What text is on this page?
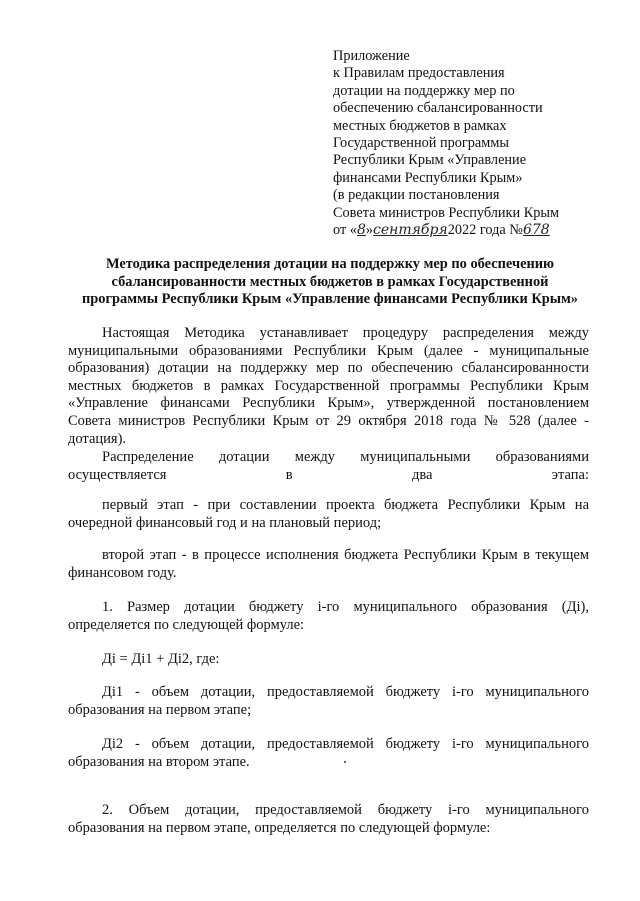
Приложение
к Правилам предоставления
дотации на поддержку мер по
обеспечению сбалансированности
местных бюджетов в рамках
Государственной программы
Республики Крым «Управление
финансами Республики Крым»
(в редакции постановления
Совета министров Республики Крым
от «8»сентября2022 года №678
Методика распределения дотации на поддержку мер по обеспечению
сбалансированности местных бюджетов в рамках Государственной
программы Республики Крым «Управление финансами Республики Крым»
Настоящая Методика устанавливает процедуру распределения между муниципальными образованиями Республики Крым (далее - муниципальные образования) дотации на поддержку мер по обеспечению сбалансированности местных бюджетов в рамках Государственной программы Республики Крым «Управление финансами Республики Крым», утвержденной постановлением Совета министров Республики Крым от 29 октября 2018 года № 528 (далее - дотация).
Распределение дотации между муниципальными образованиями осуществляется в два этапа:
первый этап - при составлении проекта бюджета Республики Крым на очередной финансовый год и на плановый период;
второй этап - в процессе исполнения бюджета Республики Крым в текущем финансовом году.
1. Размер дотации бюджету i-го муниципального образования (Дi), определяется по следующей формуле:
Дi = Дi1 + Дi2, где:
Дi1 - объем дотации, предоставляемой бюджету i-го муниципального образования на первом этапе;
Дi2 - объем дотации, предоставляемой бюджету i-го муниципального образования на втором этапе.
2. Объем дотации, предоставляемой бюджету i-го муниципального образования на первом этапе, определяется по следующей формуле:
